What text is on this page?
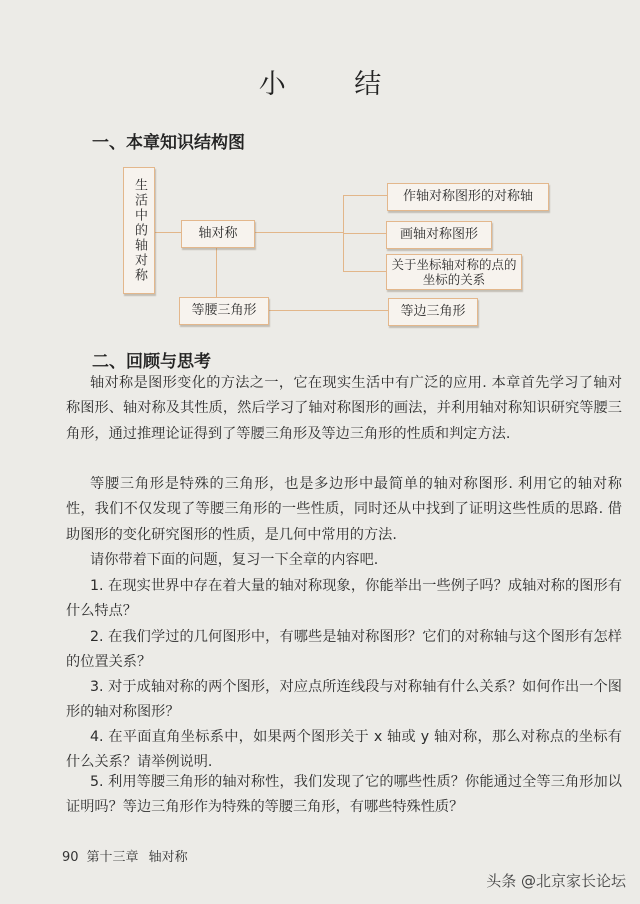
小 结
一、本章知识结构图
生活中的轴对称	轴对称
等腰三角形
作轴对称图形的对称轴
画轴对称图形
关于坐标轴对称的点的坐标的关系
等边三角形
二、回顾与思考
轴对称是图形变化的方法之一，它在现实生活中有广泛的应用. 本章首先学习了轴对称图形、轴对称及其性质，然后学习了轴对称图形的画法，并利用轴对称知识研究等腰三角形，通过推理论证得到了等腰三角形及等边三角形的性质和判定方法.
等腰三角形是特殊的三角形，也是多边形中最简单的轴对称图形. 利用它的轴对称性，我们不仅发现了等腰三角形的一些性质，同时还从中找到了证明这些性质的思路. 借助图形的变化研究图形的性质，是几何中常用的方法.
请你带着下面的问题，复习一下全章的内容吧.
1. 在现实世界中存在着大量的轴对称现象，你能举出一些例子吗？成轴对称的图形有什么特点？
2. 在我们学过的几何图形中，有哪些是轴对称图形？它们的对称轴与这个图形有怎样的位置关系？
3. 对于成轴对称的两个图形，对应点所连线段与对称轴有什么关系？如何作出一个图形的轴对称图形？
4. 在平面直角坐标系中，如果两个图形关于 x 轴或 y 轴对称，那么对称点的坐标有什么关系？请举例说明.
5. 利用等腰三角形的轴对称性，我们发现了它的哪些性质？你能通过全等三角形加以证明吗？等边三角形作为特殊的等腰三角形，有哪些特殊性质？
90 第十三章 轴对称
头条 @北京家长论坛
